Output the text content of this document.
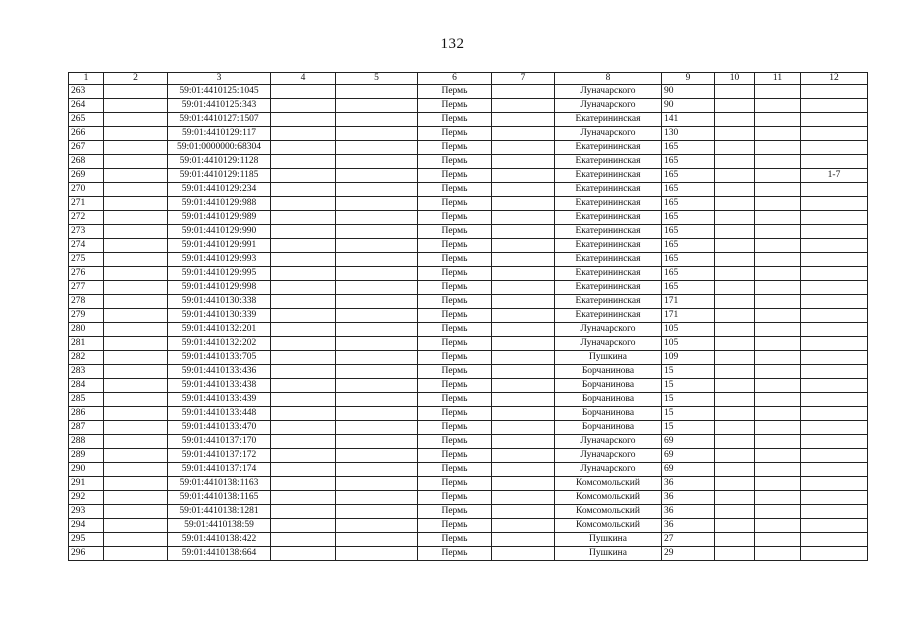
132
1	2	3	4	5	6	7	8	9	10	11	12
263		59:01:4410125:1045			Пермь		Луначарского	90			
264		59:01:4410125:343			Пермь		Луначарского	90			
265		59:01:4410127:1507			Пермь		Екатерининская	141			
266		59:01:4410129:117			Пермь		Луначарского	130			
267		59:01:0000000:68304			Пермь		Екатерининская	165			
268		59:01:4410129:1128			Пермь		Екатерининская	165			
269		59:01:4410129:1185			Пермь		Екатерининская	165			1-7
270		59:01:4410129:234			Пермь		Екатерининская	165			
271		59:01:4410129:988			Пермь		Екатерининская	165			
272		59:01:4410129:989			Пермь		Екатерининская	165			
273		59:01:4410129:990			Пермь		Екатерининская	165			
274		59:01:4410129:991			Пермь		Екатерининская	165			
275		59:01:4410129:993			Пермь		Екатерининская	165			
276		59:01:4410129:995			Пермь		Екатерининская	165			
277		59:01:4410129:998			Пермь		Екатерининская	165			
278		59:01:4410130:338			Пермь		Екатерининская	171			
279		59:01:4410130:339			Пермь		Екатерининская	171			
280		59:01:4410132:201			Пермь		Луначарского	105			
281		59:01:4410132:202			Пермь		Луначарского	105			
282		59:01:4410133:705			Пермь		Пушкина	109			
283		59:01:4410133:436			Пермь		Борчанинова	15			
284		59:01:4410133:438			Пермь		Борчанинова	15			
285		59:01:4410133:439			Пермь		Борчанинова	15			
286		59:01:4410133:448			Пермь		Борчанинова	15			
287		59:01:4410133:470			Пермь		Борчанинова	15			
288		59:01:4410137:170			Пермь		Луначарского	69			
289		59:01:4410137:172			Пермь		Луначарского	69			
290		59:01:4410137:174			Пермь		Луначарского	69			
291		59:01:4410138:1163			Пермь		Комсомольский	36			
292		59:01:4410138:1165			Пермь		Комсомольский	36			
293		59:01:4410138:1281			Пермь		Комсомольский	36			
294		59:01:4410138:59			Пермь		Комсомольский	36			
295		59:01:4410138:422			Пермь		Пушкина	27			
296		59:01:4410138:664			Пермь		Пушкина	29			
